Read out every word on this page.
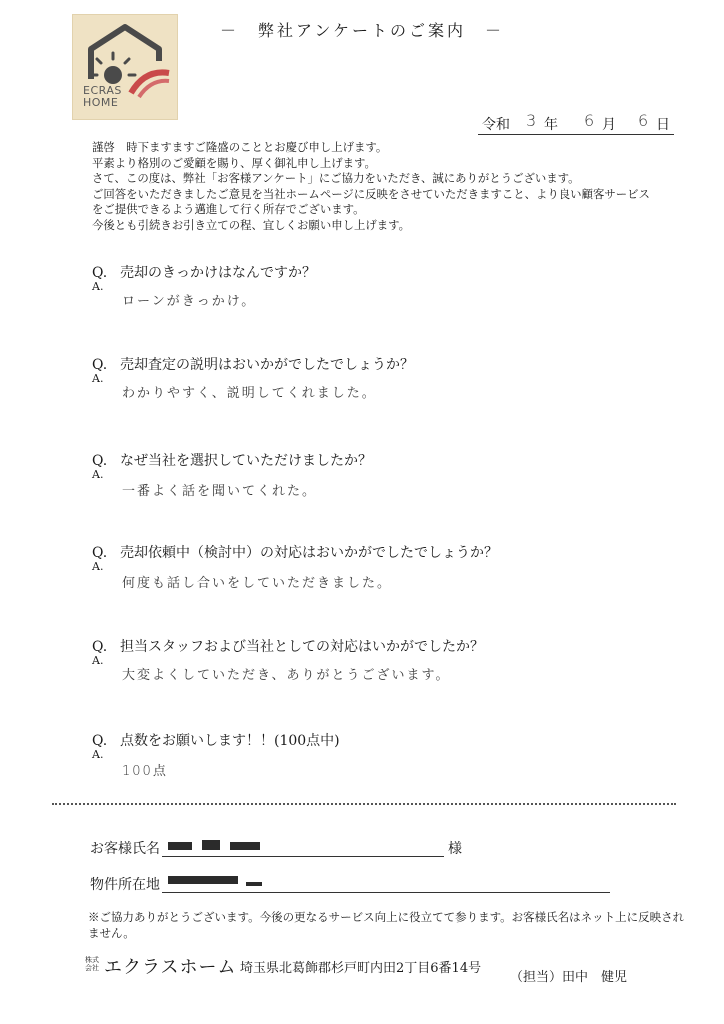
ECRAS
HOME
－　弊社アンケートのご案内　－
令和 3 年 6 月 6 日
謹啓　時下ますますご隆盛のこととお慶び申し上げます。
平素より格別のご愛顧を賜り、厚く御礼申し上げます。
さて、この度は、弊社「お客様アンケート」にご協力をいただき、誠にありがとうございます。
ご回答をいただきましたご意見を当社ホームページに反映をさせていただきますこと、より良い顧客サービス
をご提供できるよう邁進して行く所存でございます。
今後とも引続きお引き立ての程、宜しくお願い申し上げます。
Q. 売却のきっかけはなんですか？
A.
ローンがきっかけ。
Q. 売却査定の説明はおいかがでしたでしょうか？
A.
わかりやすく、説明してくれました。
Q. なぜ当社を選択していただけましたか？
A.
一番よく話を聞いてくれた。
Q. 売却依頼中（検討中）の対応はおいかがでしたでしょうか？
A.
何度も話し合いをしていただきました。
Q. 担当スタッフおよび当社としての対応はいかがでしたか？
A.
大変よくしていただき、ありがとうございます。
Q. 点数をお願いします！！(100点中)
A.
100点
お客様氏名	様
物件所在地
※ご協力ありがとうございます。今後の更なるサービス向上に役立てて参ります。お客様氏名はネット上に反映されません。
株式
会社 エクラスホーム 埼玉県北葛飾郡杉戸町内田2丁目6番14号
（担当）田中　健児
